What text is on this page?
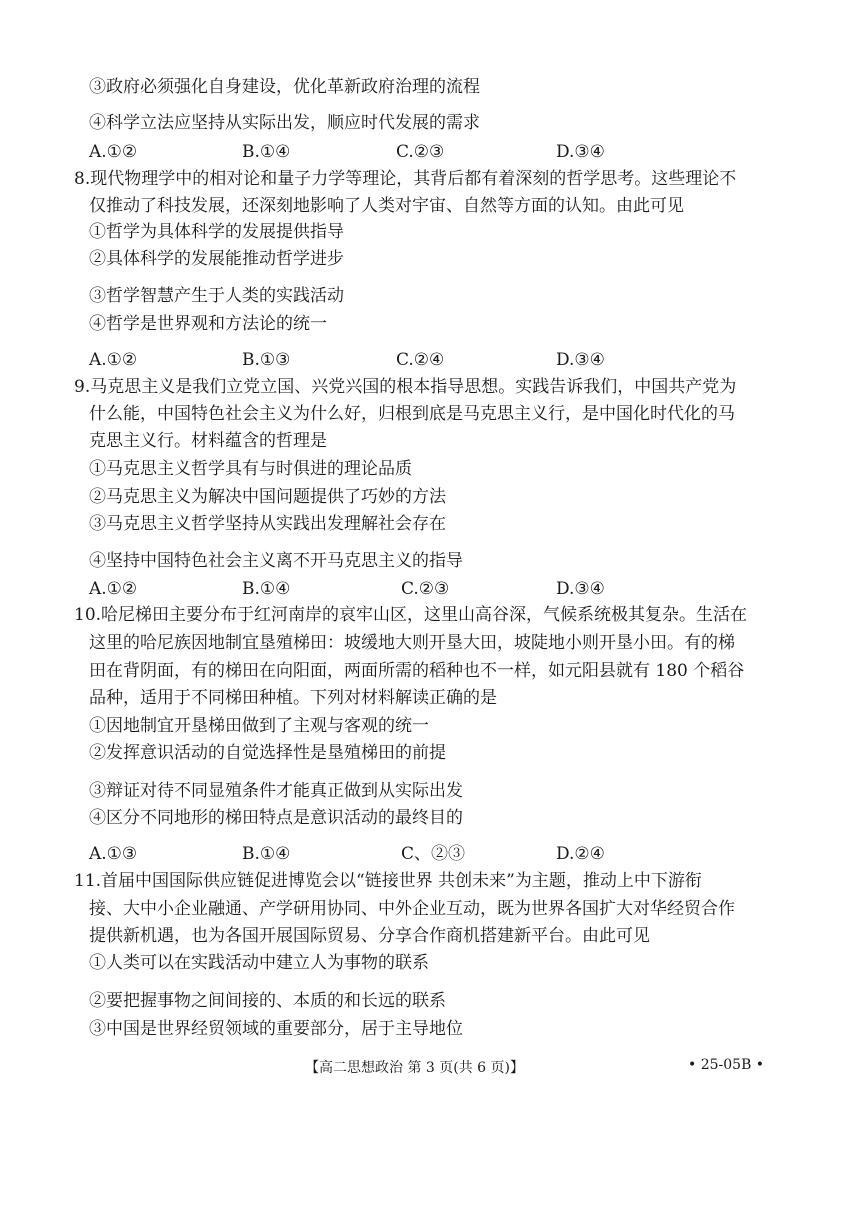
③政府必须强化自身建设，优化革新政府治理的流程
④科学立法应坚持从实际出发，顺应时代发展的需求
A.①②	B.①④	C.②③	D.③④
8.现代物理学中的相对论和量子力学等理论，其背后都有着深刻的哲学思考。这些理论不
仅推动了科技发展，还深刻地影响了人类对宇宙、自然等方面的认知。由此可见
①哲学为具体科学的发展提供指导
②具体科学的发展能推动哲学进步
③哲学智慧产生于人类的实践活动
④哲学是世界观和方法论的统一
A.①②	B.①③	C.②④	D.③④
9.马克思主义是我们立党立国、兴党兴国的根本指导思想。实践告诉我们，中国共产党为
什么能，中国特色社会主义为什么好，归根到底是马克思主义行，是中国化时代化的马
克思主义行。材料蕴含的哲理是
①马克思主义哲学具有与时俱进的理论品质
②马克思主义为解决中国问题提供了巧妙的方法
③马克思主义哲学坚持从实践出发理解社会存在
④坚持中国特色社会主义离不开马克思主义的指导
A.①②	B.①④	C.②③	D.③④
10.哈尼梯田主要分布于红河南岸的哀牢山区，这里山高谷深，气候系统极其复杂。生活在
这里的哈尼族因地制宜垦殖梯田：坡缓地大则开垦大田，坡陡地小则开垦小田。有的梯
田在背阴面，有的梯田在向阳面，两面所需的稻种也不一样，如元阳县就有 180 个稻谷
品种，适用于不同梯田种植。下列对材料解读正确的是
①因地制宜开垦梯田做到了主观与客观的统一
②发挥意识活动的自觉选择性是垦殖梯田的前提
③辩证对待不同显殖条件才能真正做到从实际出发
④区分不同地形的梯田特点是意识活动的最终目的
A.①③	B.①④	C、②③	D.②④
11.首届中国国际供应链促进博览会以“链接世界 共创未来”为主题，推动上中下游衔
接、大中小企业融通、产学研用协同、中外企业互动，既为世界各国扩大对华经贸合作
提供新机遇，也为各国开展国际贸易、分享合作商机搭建新平台。由此可见
①人类可以在实践活动中建立人为事物的联系
②要把握事物之间间接的、本质的和长远的联系
③中国是世界经贸领域的重要部分，居于主导地位
【高二思想政治 第 3 页(共 6 页)】	• 25-05B •
